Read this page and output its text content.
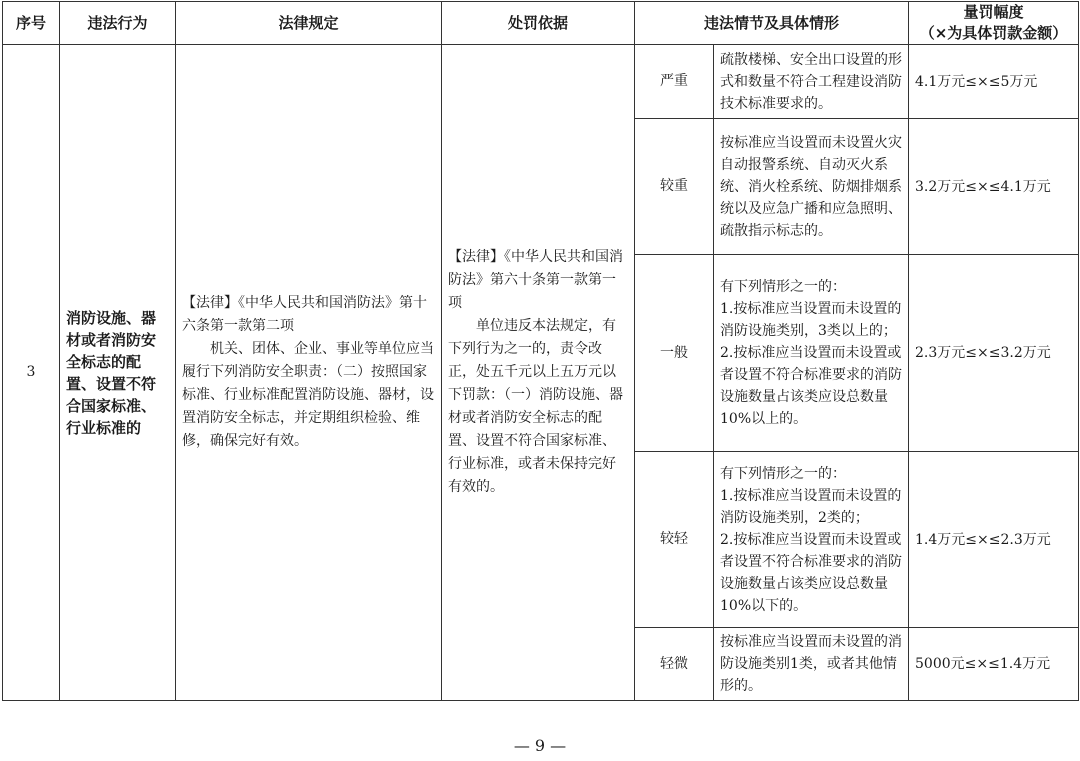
序号	违法行为	法律规定	处罚依据	违法情节及具体情形		量罚幅度
（×为具体罚款金额）

3	消防设施、器材或者消防安全标志的配置、设置不符合国家标准、行业标准的	【法律】《中华人民共和国消防法》第十六条第一款第二项
　　机关、团体、企业、事业等单位应当履行下列消防安全职责：（二）按照国家标准、行业标准配置消防设施、器材，设置消防安全标志，并定期组织检验、维修，确保完好有效。	【法律】《中华人民共和国消防法》第六十条第一款第一项
　　单位违反本法规定，有下列行为之一的，责令改正，处五千元以上五万元以下罚款：（一）消防设施、器材或者消防安全标志的配置、设置不符合国家标准、行业标准，或者未保持完好有效的。	严重	疏散楼梯、安全出口设置的形式和数量不符合工程建设消防技术标准要求的。	4.1万元≤×≤5万元
				较重	按标准应当设置而未设置火灾自动报警系统、自动灭火系统、消火栓系统、防烟排烟系统以及应急广播和应急照明、疏散指示标志的。	3.2万元≤×≤4.1万元
				一般	有下列情形之一的：
1.按标准应当设置而未设置的消防设施类别，3类以上的；
2.按标准应当设置而未设置或者设置不符合标准要求的消防设施数量占该类应设总数量10%以上的。	2.3万元≤×≤3.2万元
				较轻	有下列情形之一的：
1.按标准应当设置而未设置的消防设施类别，2类的；
2.按标准应当设置而未设置或者设置不符合标准要求的消防设施数量占该类应设总数量10%以下的。	1.4万元≤×≤2.3万元
				轻微	按标准应当设置而未设置的消防设施类别1类，或者其他情形的。	5000元≤×≤1.4万元
— 9 —
